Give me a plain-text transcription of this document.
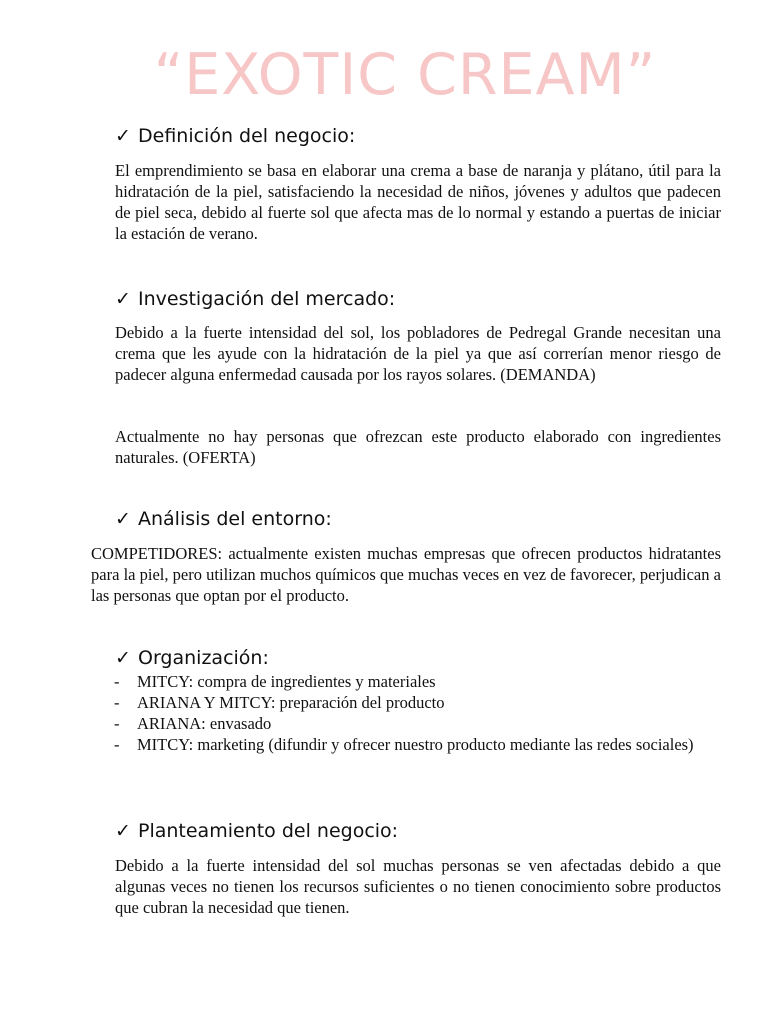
“EXOTIC CREAM”
✓ Definición del negocio:

El emprendimiento se basa en elaborar una crema a base de naranja y plátano, útil para la hidratación de la piel, satisfaciendo la necesidad de niños, jóvenes y adultos que padecen de piel seca, debido al fuerte sol que afecta mas de lo normal y estando a puertas de iniciar la estación de verano.

✓ Investigación del mercado:

Debido a la fuerte intensidad del sol, los pobladores de Pedregal Grande necesitan una crema que les ayude con la hidratación de la piel ya que así correrían menor riesgo de padecer alguna enfermedad causada por los rayos solares. (DEMANDA)

Actualmente no hay personas que ofrezcan este producto elaborado con ingredientes naturales. (OFERTA)

✓ Análisis del entorno:

COMPETIDORES: actualmente existen muchas empresas que ofrecen productos hidratantes para la piel, pero utilizan muchos químicos que muchas veces en vez de favorecer, perjudican a las personas que optan por el producto.

✓ Organización:
- MITCY: compra de ingredientes y materiales
- ARIANA Y MITCY: preparación del producto
- ARIANA: envasado
- MITCY: marketing (difundir y ofrecer nuestro producto mediante las redes sociales)
✓ Planteamiento del negocio:

Debido a la fuerte intensidad del sol muchas personas se ven afectadas debido a que algunas veces no tienen los recursos suficientes o no tienen conocimiento sobre productos que cubran la necesidad que tienen.
